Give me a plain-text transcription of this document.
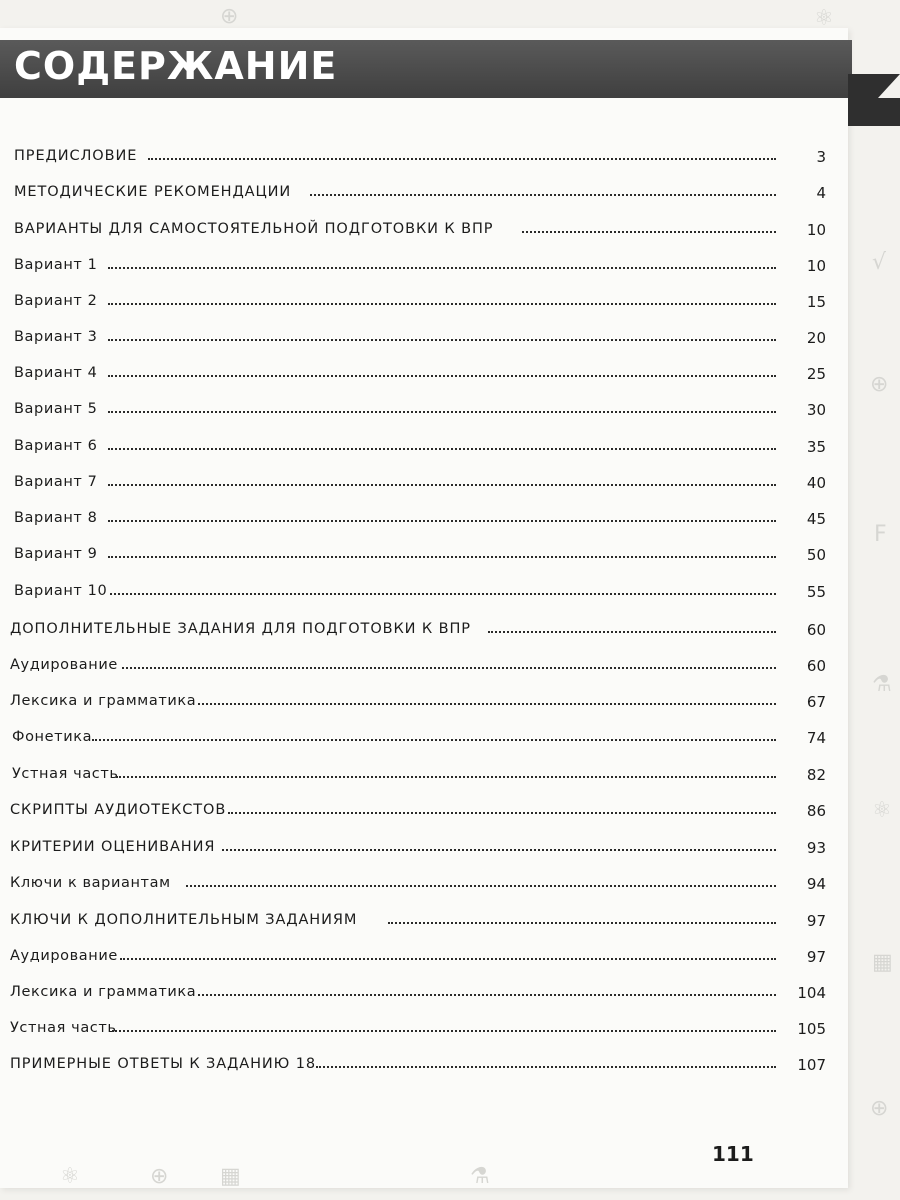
√
⊕
F
⚗
⚛
▦
⊕
⚛	⊕ ▦	⚗
⚛
⊕
СОДЕРЖАНИЕ
ПРЕДИСЛОВИЕ	3
МЕТОДИЧЕСКИЕ РЕКОМЕНДАЦИИ	4
ВАРИАНТЫ ДЛЯ САМОСТОЯТЕЛЬНОЙ ПОДГОТОВКИ К ВПР	10
Вариант 1	10
Вариант 2	15
Вариант 3	20
Вариант 4	25
Вариант 5	30
Вариант 6	35
Вариант 7	40
Вариант 8	45
Вариант 9	50
Вариант 10	55
ДОПОЛНИТЕЛЬНЫЕ ЗАДАНИЯ ДЛЯ ПОДГОТОВКИ К ВПР	60
Аудирование	60
Лексика и грамматика	67
Фонетика	74
Устная часть	82
СКРИПТЫ АУДИОТЕКСТОВ	86
КРИТЕРИИ ОЦЕНИВАНИЯ	93
Ключи к вариантам	94
КЛЮЧИ К ДОПОЛНИТЕЛЬНЫМ ЗАДАНИЯМ	97
Аудирование	97
Лексика и грамматика	104
Устная часть	105
ПРИМЕРНЫЕ ОТВЕТЫ К ЗАДАНИЮ 18	107
111
